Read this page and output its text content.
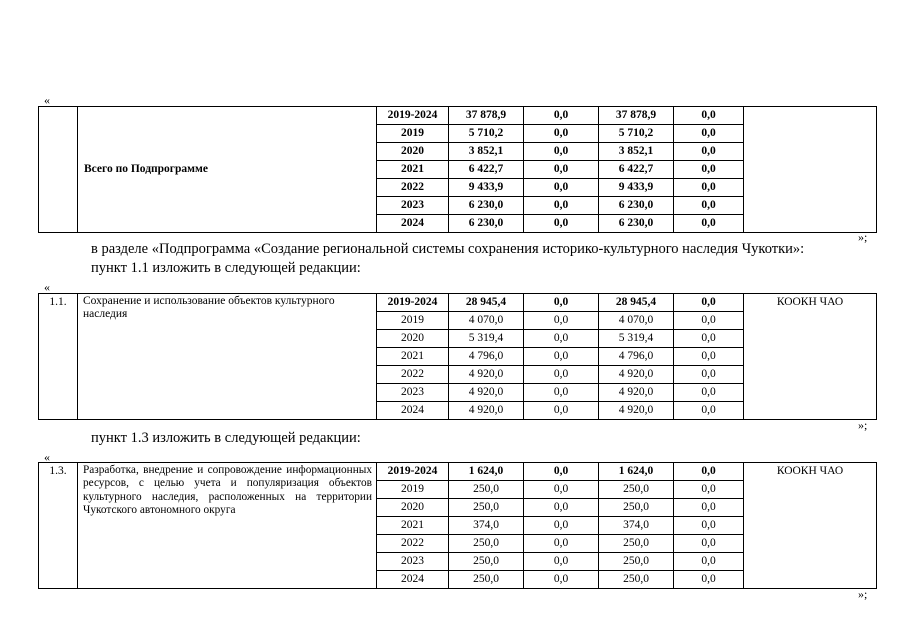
«
	Всего по Подпрограмме	2019-2024	37 878,9	0,0	37 878,9	0,0	
		2019	5 710,2	0,0	5 710,2	0,0	
		2020	3 852,1	0,0	3 852,1	0,0	
		2021	6 422,7	0,0	6 422,7	0,0	
		2022	9 433,9	0,0	9 433,9	0,0	
		2023	6 230,0	0,0	6 230,0	0,0	
		2024	6 230,0	0,0	6 230,0	0,0	
»;
в разделе «Подпрограмма «Создание региональной системы сохранения историко-культурного наследия Чукотки»:
пункт 1.1 изложить в следующей редакции:
«
1.1.	Сохранение и использование объектов культурного наследия	2019-2024	28 945,4	0,0	28 945,4	0,0	КООКН ЧАО
		2019	4 070,0	0,0	4 070,0	0,0	
		2020	5 319,4	0,0	5 319,4	0,0	
		2021	4 796,0	0,0	4 796,0	0,0	
		2022	4 920,0	0,0	4 920,0	0,0	
		2023	4 920,0	0,0	4 920,0	0,0	
		2024	4 920,0	0,0	4 920,0	0,0	
»;
пункт 1.3 изложить в следующей редакции:
«
1.3.	Разработка, внедрение и сопровождение информационных ресурсов, с целью учета и популяризация объектов культурного наследия, расположенных на территории Чукотского автономного округа	2019-2024	1 624,0	0,0	1 624,0	0,0	КООКН ЧАО
		2019	250,0	0,0	250,0	0,0	
		2020	250,0	0,0	250,0	0,0	
		2021	374,0	0,0	374,0	0,0	
		2022	250,0	0,0	250,0	0,0	
		2023	250,0	0,0	250,0	0,0	
		2024	250,0	0,0	250,0	0,0	
»;
